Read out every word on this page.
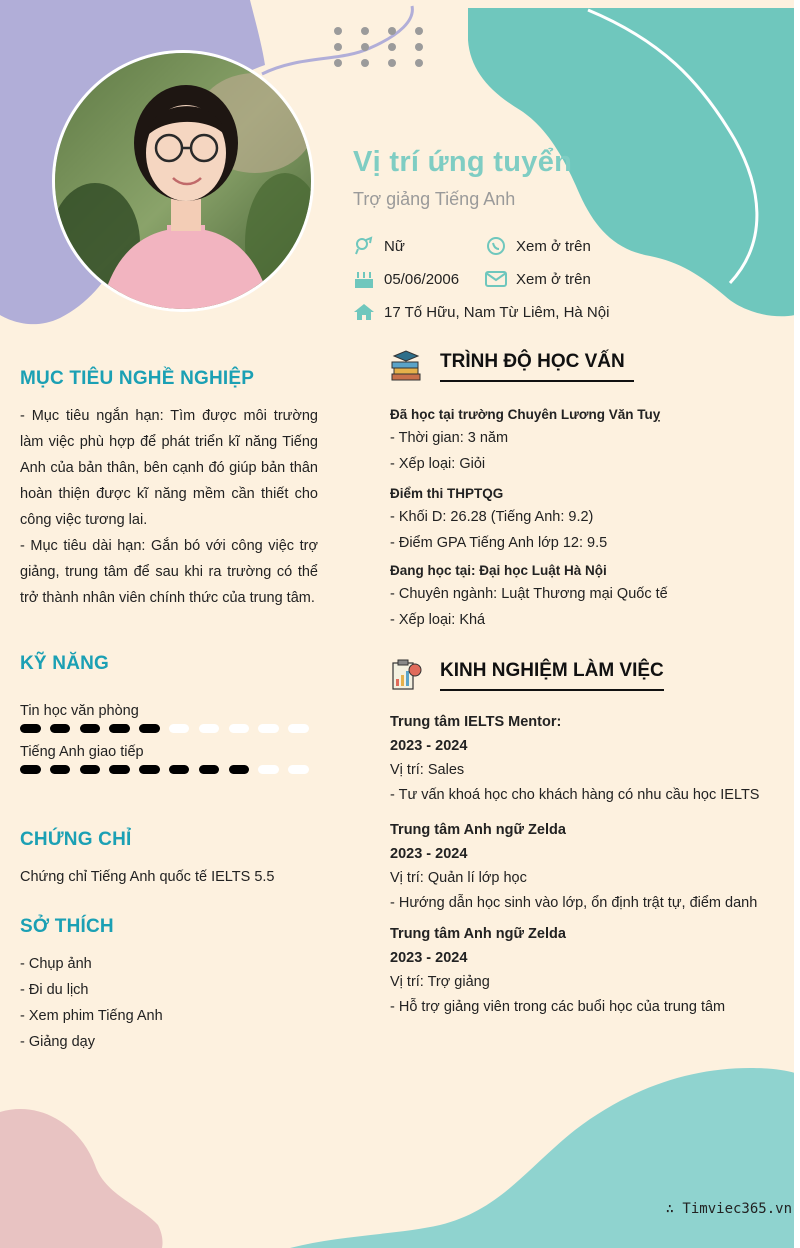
Vị trí ứng tuyển
Trợ giảng Tiếng Anh
Nữ	Xem ở trên
05/06/2006	Xem ở trên
17 Tố Hữu, Nam Từ Liêm, Hà Nội
MỤC TIÊU NGHỀ NGHIỆP
- Mục tiêu ngắn hạn: Tìm được môi trường làm việc phù hợp để phát triển kĩ năng Tiếng Anh của bản thân, bên cạnh đó giúp bản thân hoàn thiện được kĩ năng mềm cần thiết cho công việc tương lai.
- Mục tiêu dài hạn: Gắn bó với công việc trợ giảng, trung tâm để sau khi ra trường có thể trở thành nhân viên chính thức của trung tâm.
KỸ NĂNG
Tin học văn phòng
Tiếng Anh giao tiếp
CHỨNG CHỈ
Chứng chỉ Tiếng Anh quốc tế IELTS 5.5
SỞ THÍCH
- Chụp ảnh
- Đi du lịch
- Xem phim Tiếng Anh
- Giảng dạy
TRÌNH ĐỘ HỌC VẤN
Đã học tại trường Chuyên Lương Văn Tuỵ
- Thời gian: 3 năm
- Xếp loại: Giỏi
Điểm thi THPTQG
- Khối D: 26.28 (Tiếng Anh: 9.2)
- Điểm GPA Tiếng Anh lớp 12: 9.5
Đang học tại: Đại học Luật Hà Nội
- Chuyên ngành: Luật Thương mại Quốc tế
- Xếp loại: Khá
KINH NGHIỆM LÀM VIỆC
Trung tâm IELTS Mentor:
2023 - 2024
Vị trí: Sales
- Tư vấn khoá học cho khách hàng có nhu cầu học IELTS
Trung tâm Anh ngữ Zelda
2023 - 2024
Vị trí: Quản lí lớp học
- Hướng dẫn học sinh vào lớp, ổn định trật tự, điểm danh
Trung tâm Anh ngữ Zelda
2023 - 2024
Vị trí: Trợ giảng
- Hỗ trợ giảng viên trong các buổi học của trung tâm
∴ Timviec365.vn
